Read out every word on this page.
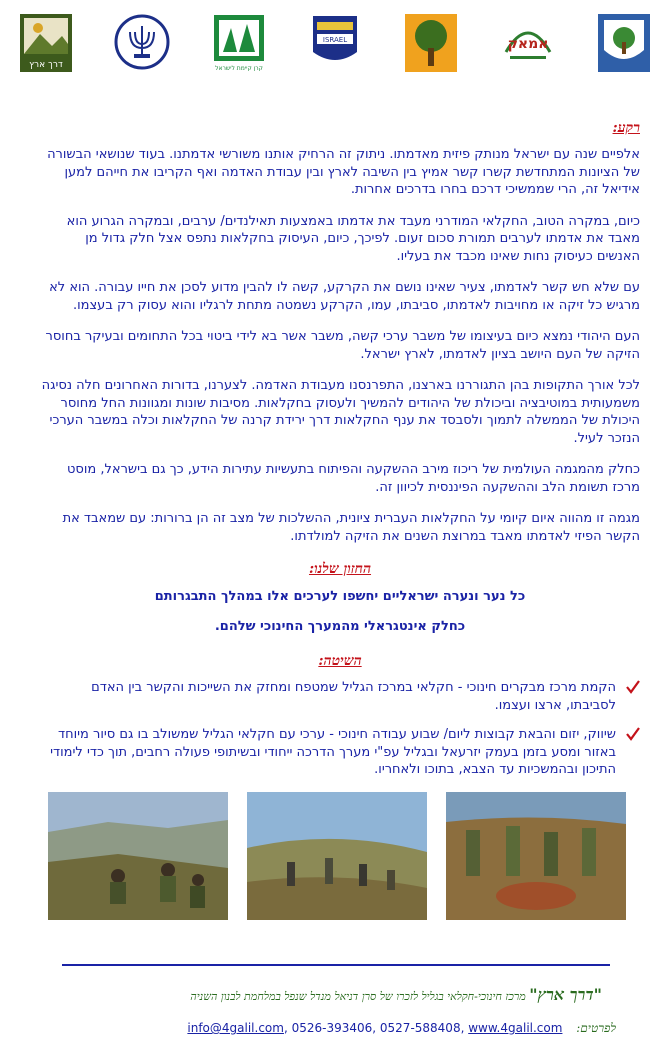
דרך ארץ	קרן קיימת לישראל
ISRAEL	אמאק
רקע:

אלפיים שנה עם ישראל מנותק פיזית מאדמתו. ניתוק זה הרחיק אותנו משורשי אדמתנו. בעוד שנושאי הבשורה של הציונות המתחדשת קשרו קשר אמיץ בין השיבה לארץ ובין עבודת האדמה ואף הקריבו את חייהם למען אידיאל זה, הרי שממשיכי דרכם בחרו בדרכים אחרות.

כיום, במקרה הטוב, החקלאי המודרני מעבד את אדמתו באמצעות תאילנדים/ ערבים, ובמקרה הגרוע הוא מאבד את אדמתו לערבים תמורת סכום זעום. לפיכך, כיום, העיסוק בחקלאות נתפס אצל חלק גדול מן האנשים כעיסוק נחות שאינו מכבד את בעליו.

עם שלא חש קשר לאדמתו, צעיר שאינו נושם את הקרקע, קשה לו להבין מדוע לסכן את חייו עבורה. הוא לא מרגיש כל זיקה או מחויבות לאדמתו, סביבתו, עמו, הקרקע נשמטה מתחת לרגליו והוא עסוק רק בעצמו.

העם היהודי נמצא כיום בעיצומו של משבר ערכי קשה, משבר אשר בא לידי ביטוי בכל התחומים ובעיקר בחוסר הזיקה של העם היושב בציון לאדמתו, לארץ ישראל.

לכל אורך התקופות בהן התגוררנו בארצנו, התפרנסנו מעבודת האדמה. לצערנו, בדורות האחרונים חלה נסיגה משמעותית במוטיבציה וביכולת של היהודים להמשיך ולעסוק בחקלאות. מסיבות שונות ומגוונות החל מחוסר היכולת של הממשלה לתמוך ולסבסד את ענף החקלאות דרך ירידת קרנה של החקלאות וכלה במשבר הערכי הנזכר לעיל.

כחלק מהמגמה העולמית של ריכוז מירב ההשקעה והפיתוח בתעשיות עתירות הידע, כך גם בישראל, מוסט מרכז תשומת הלב וההשקעה הפיננסית לכיוון זה.

מגמה זו מהווה איום קיומי על החקלאות העברית ציונית, ההשלכות של מצב זה הן ברורות: עם שמאבד את הקשר הפיזי לאדמתו מאבד במרוצת השנים את הזיקה למולדתו.

החזון שלנו:

כל נער ונערה ישראליים יחשפו לערכים אלו במהלך התבגרותם

כחלק אינטגראלי מהמערך החינוכי שלהם.

השיטה:
הקמת מרכז מבקרים חינוכי - חקלאי במרכז הגליל שמטפח ומחזק את השייכות והקשר בין האדם לסביבתו, ארצו ועצמו.
שיווק, יזום והבאת קבוצות ליום/ שבוע עבודה חינוכי - ערכי עם חקלאי הגליל שמשולב בו גם סיור מיוחד באזור ומסע בזמן בעמק יזרעאל ובגליל עפ"י מערך הדרכה ייחודי ובשיתופי פעולה רחבים, תוך כדי לימודי התיכון ובהמשכיות עד הצבא, בתוכו ולאחריו.
"דרך ארץ" מרכז חינוכי-חקלאי בגליל לזכרו של סרן דניאל מנדל שנפל במלחמת לבנון השניה
לפרטים: info@4galil.com, 0526-393406, 0527-588408, www.4galil.com
